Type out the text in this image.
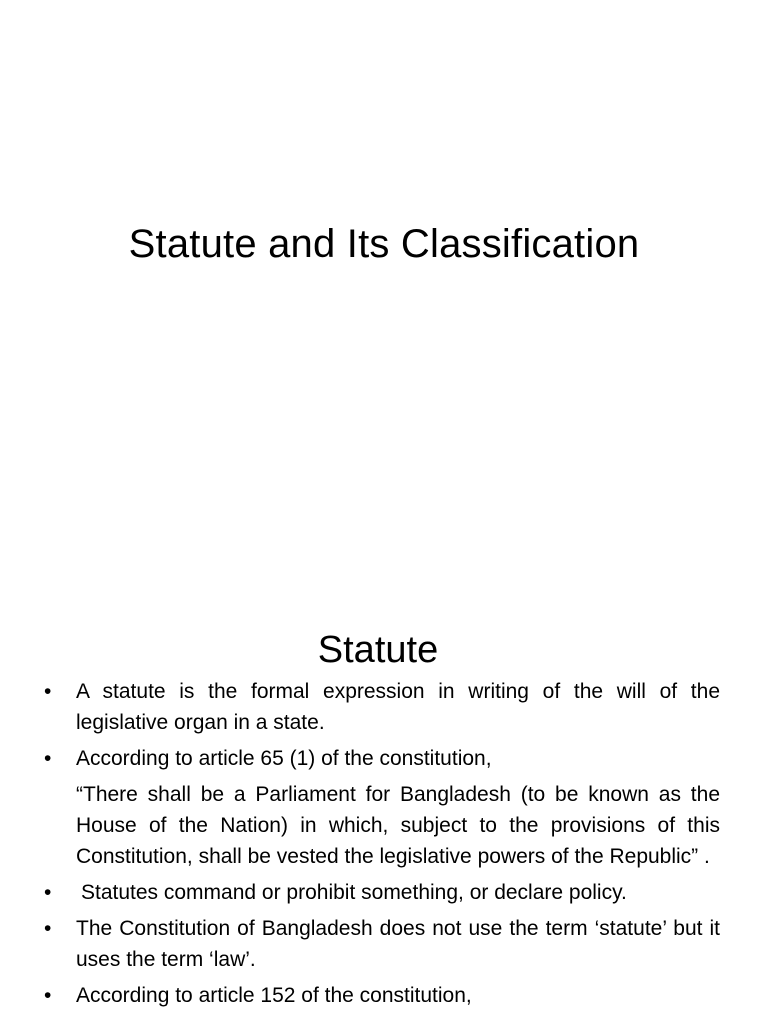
Statute and Its Classification
Statute
• A statute is the formal expression in writing of the will of the legislative organ in a state.
• According to article 65 (1) of the constitution,

“There shall be a Parliament for Bangladesh (to be known as the House of the Nation) in which, subject to the provisions of this Constitution, shall be vested the legislative powers of the Republic” .

• Statutes command or prohibit something, or declare policy.
• The Constitution of Bangladesh does not use the term ‘statute’ but it uses the term ‘law’.
• According to article 152 of the constitution,
